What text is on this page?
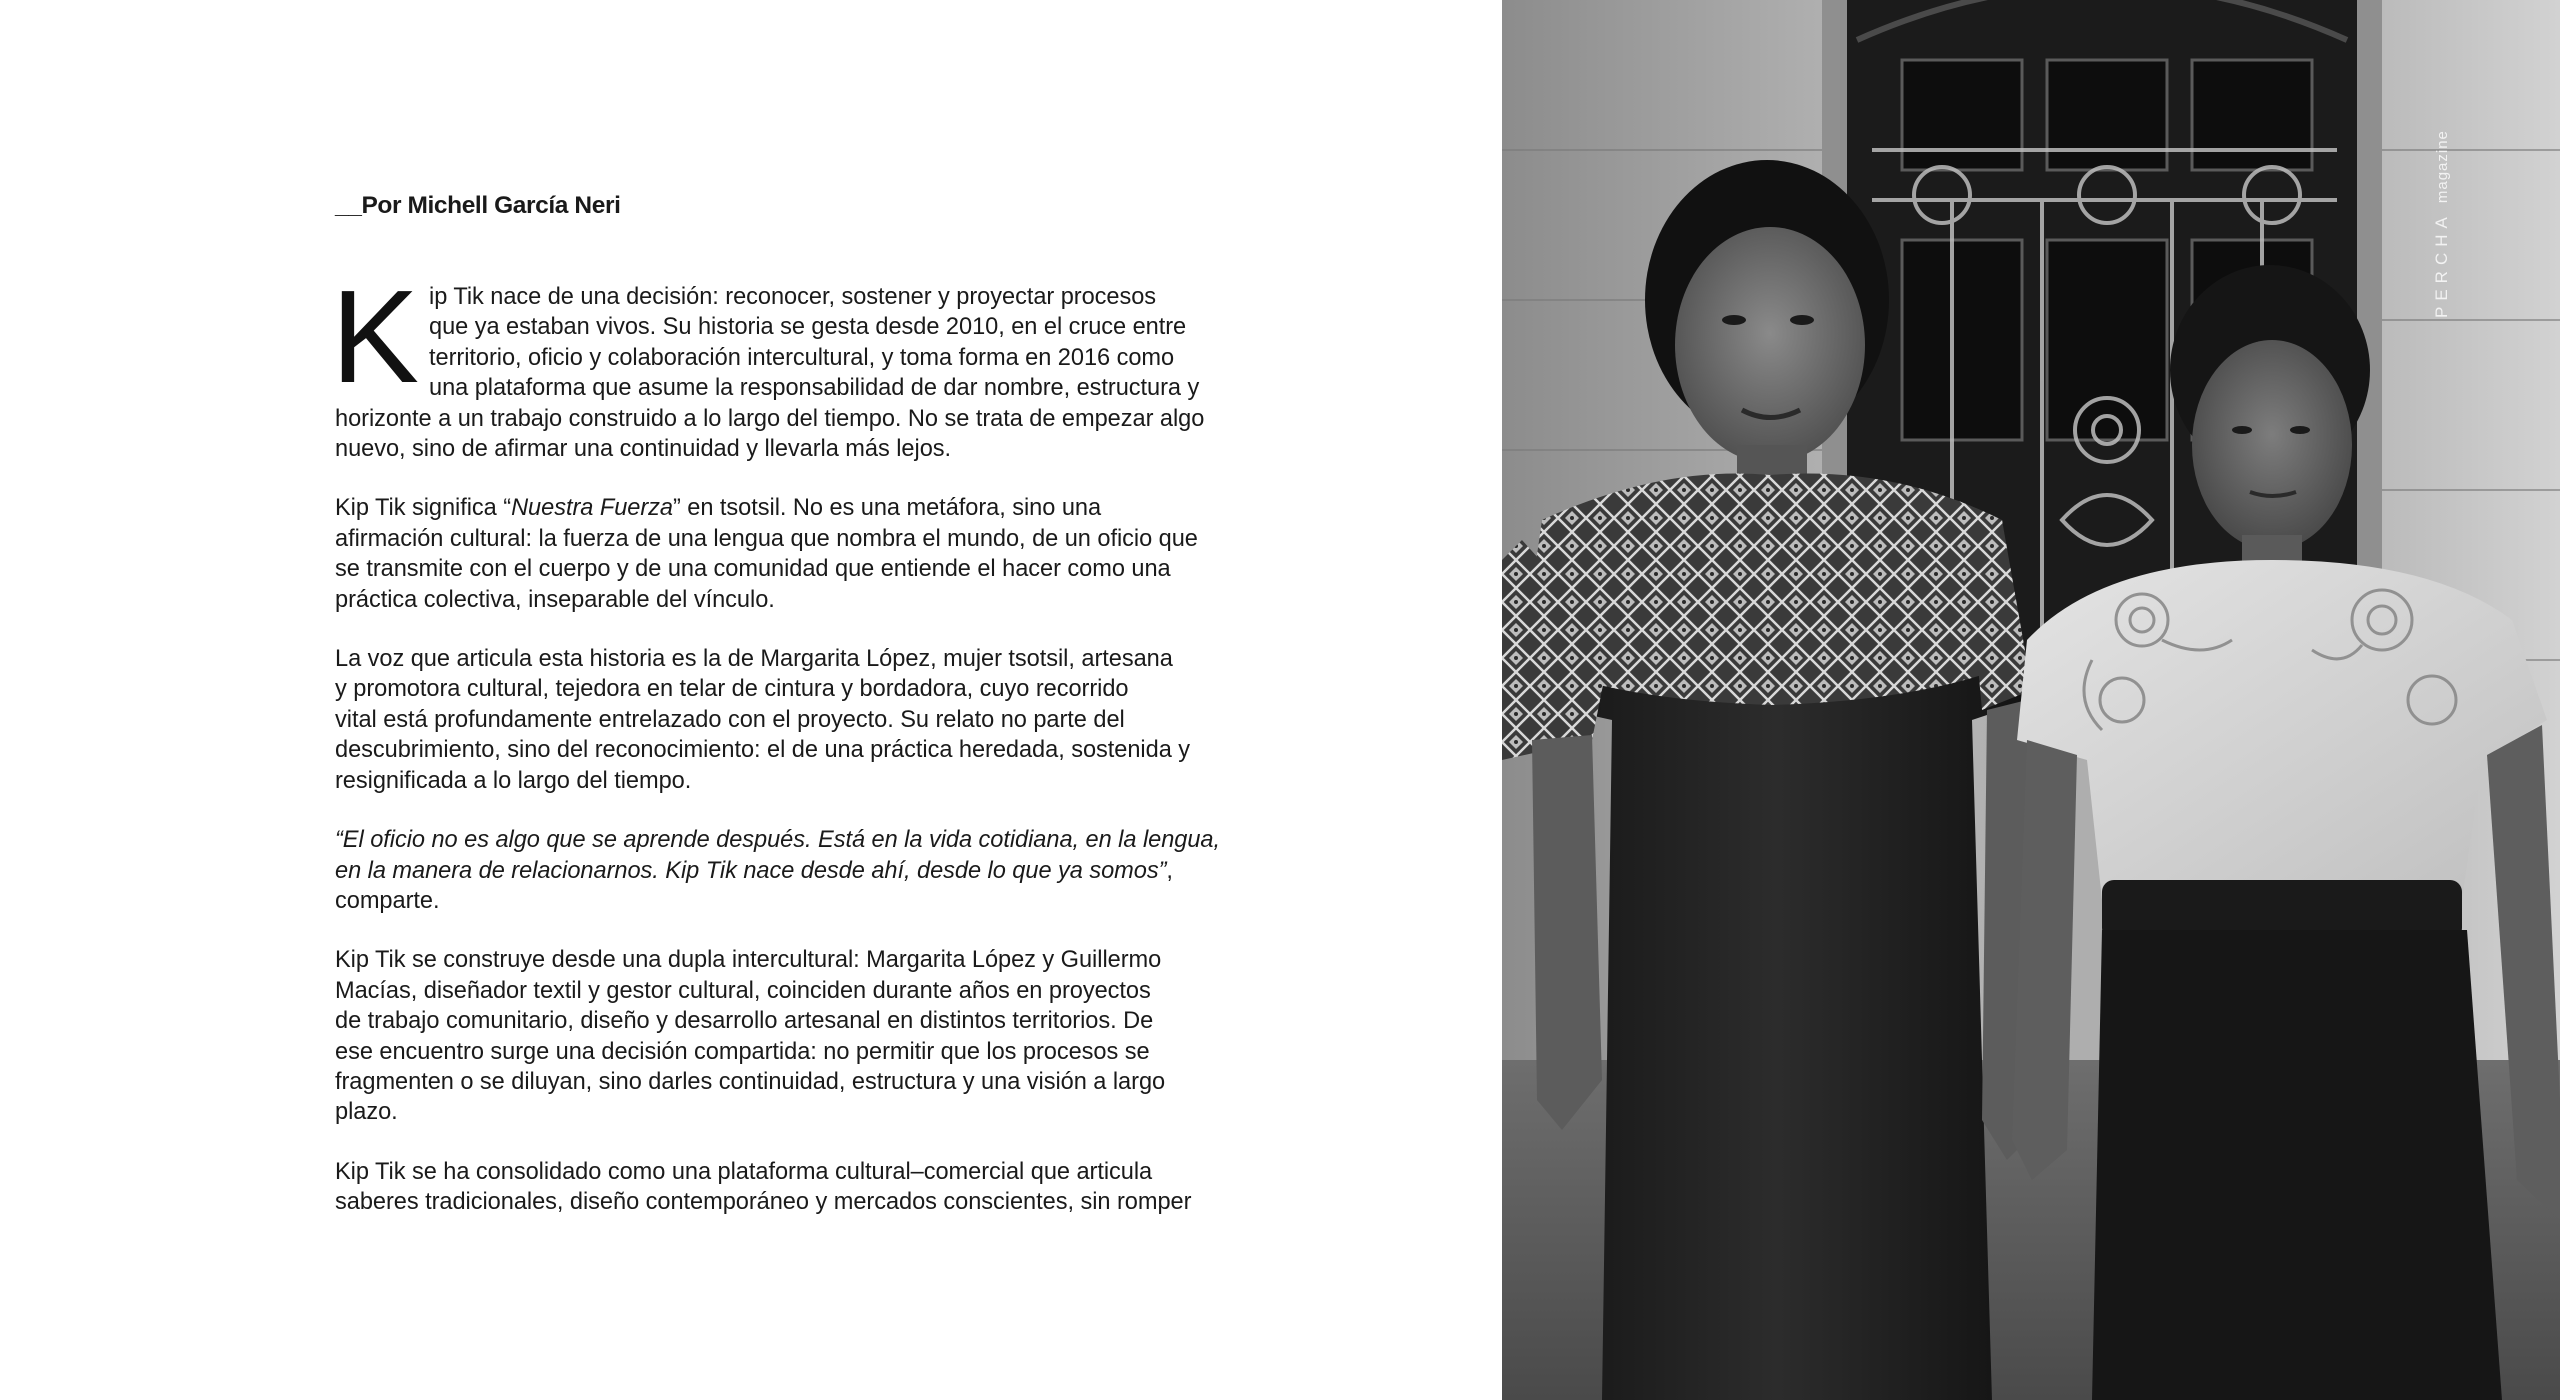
__Por Michell García Neri
K ip Tik nace de una decisión: reconocer, sostener y proyectar procesos
que ya estaban vivos. Su historia se gesta desde 2010, en el cruce entre
territorio, oficio y colaboración intercultural, y toma forma en 2016 como
una plataforma que asume la responsabilidad de dar nombre, estructura y
horizonte a un trabajo construido a lo largo del tiempo. No se trata de empezar algo
nuevo, sino de afirmar una continuidad y llevarla más lejos.
Kip Tik significa “Nuestra Fuerza” en tsotsil. No es una metáfora, sino una
afirmación cultural: la fuerza de una lengua que nombra el mundo, de un oficio que
se transmite con el cuerpo y de una comunidad que entiende el hacer como una
práctica colectiva, inseparable del vínculo.
La voz que articula esta historia es la de Margarita López, mujer tsotsil, artesana
y promotora cultural, tejedora en telar de cintura y bordadora, cuyo recorrido
vital está profundamente entrelazado con el proyecto. Su relato no parte del
descubrimiento, sino del reconocimiento: el de una práctica heredada, sostenida y
resignificada a lo largo del tiempo.
“El oficio no es algo que se aprende después. Está en la vida cotidiana, en la lengua,
en la manera de relacionarnos. Kip Tik nace desde ahí, desde lo que ya somos”,
comparte.
Kip Tik se construye desde una dupla intercultural: Margarita López y Guillermo
Macías, diseñador textil y gestor cultural, coinciden durante años en proyectos
de trabajo comunitario, diseño y desarrollo artesanal en distintos territorios. De
ese encuentro surge una decisión compartida: no permitir que los procesos se
fragmenten o se diluyan, sino darles continuidad, estructura y una visión a largo
plazo.
Kip Tik se ha consolidado como una plataforma cultural–comercial que articula
saberes tradicionales, diseño contemporáneo y mercados conscientes, sin romper
PERCHAmagazine
